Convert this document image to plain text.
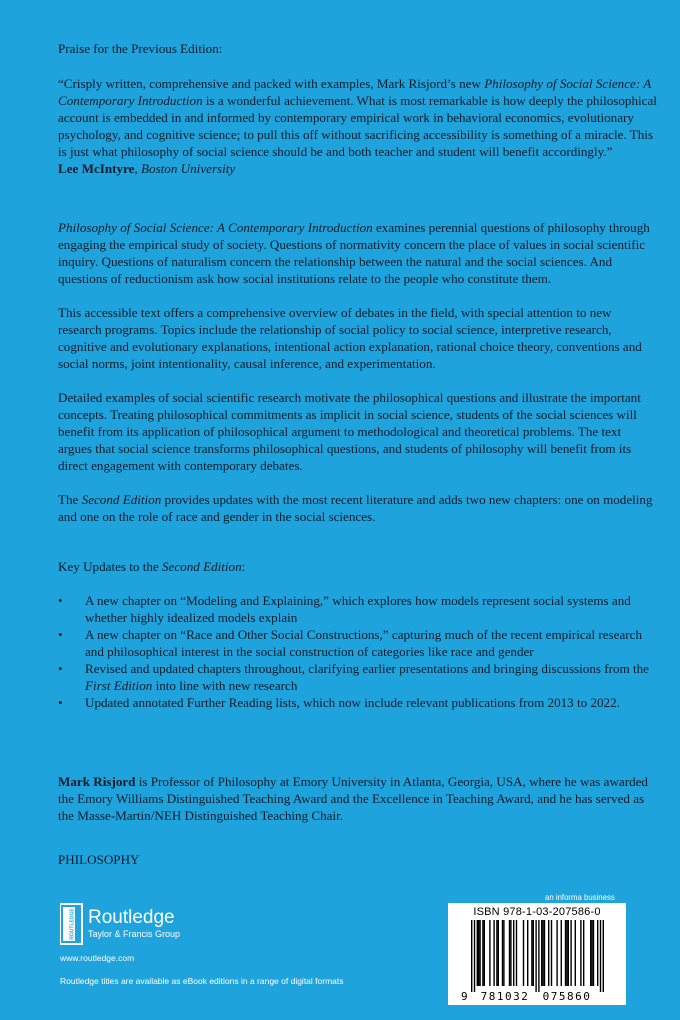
Praise for the Previous Edition:

“Crisply written, comprehensive and packed with examples, Mark Risjord’s new Philosophy of Social Science: A Contemporary Introduction is a wonderful achievement. What is most remarkable is how deeply the philosophical account is embedded in and informed by contemporary empirical work in behavioral economics, evolutionary psychology, and cognitive science; to pull this off without sacrificing accessibility is something of a miracle. This is just what philosophy of social science should be and both teacher and student will benefit accordingly.”

Lee McIntyre, Boston University

Philosophy of Social Science: A Contemporary Introduction examines perennial questions of philosophy through engaging the empirical study of society. Questions of normativity concern the place of values in social scientific inquiry. Questions of naturalism concern the relationship between the natural and the social sciences. And questions of reductionism ask how social institutions relate to the people who constitute them.

This accessible text offers a comprehensive overview of debates in the field, with special attention to new research programs. Topics include the relationship of social policy to social science, interpretive research, cognitive and evolutionary explanations, intentional action explanation, rational choice theory, conventions and social norms, joint intentionality, causal inference, and experimentation.

Detailed examples of social scientific research motivate the philosophical questions and illustrate the important concepts. Treating philosophical commitments as implicit in social science, students of the social sciences will benefit from its application of philosophical argument to methodological and theoretical problems. The text argues that social science transforms philosophical questions, and students of philosophy will benefit from its direct engagement with contemporary debates.

The Second Edition provides updates with the most recent literature and adds two new chapters: one on modeling and one on the role of race and gender in the social sciences.

Key Updates to the Second Edition:

• A new chapter on “Modeling and Explaining,” which explores how models represent social systems and whether highly idealized models explain
• A new chapter on “Race and Other Social Constructions,” capturing much of the recent empirical research and philosophical interest in the social construction of categories like race and gender
• Revised and updated chapters throughout, clarifying earlier presentations and bringing discussions from the First Edition into line with new research
• Updated annotated Further Reading lists, which now include relevant publications from 2013 to 2022.

Mark Risjord is Professor of Philosophy at Emory University in Atlanta, Georgia, USA, where he was awarded the Emory Williams Distinguished Teaching Award and the Excellence in Teaching Award, and he has served as the Masse-Martin/NEH Distinguished Teaching Chair.

PHILOSOPHY
an informa business
ROUTLEDGE Routledge
Taylor & Francis Group
www.routledge.com
Routledge titles are available as eBook editions in a range of digital formats
ISBN 978-1-03-207586-0
9 781032 075860
